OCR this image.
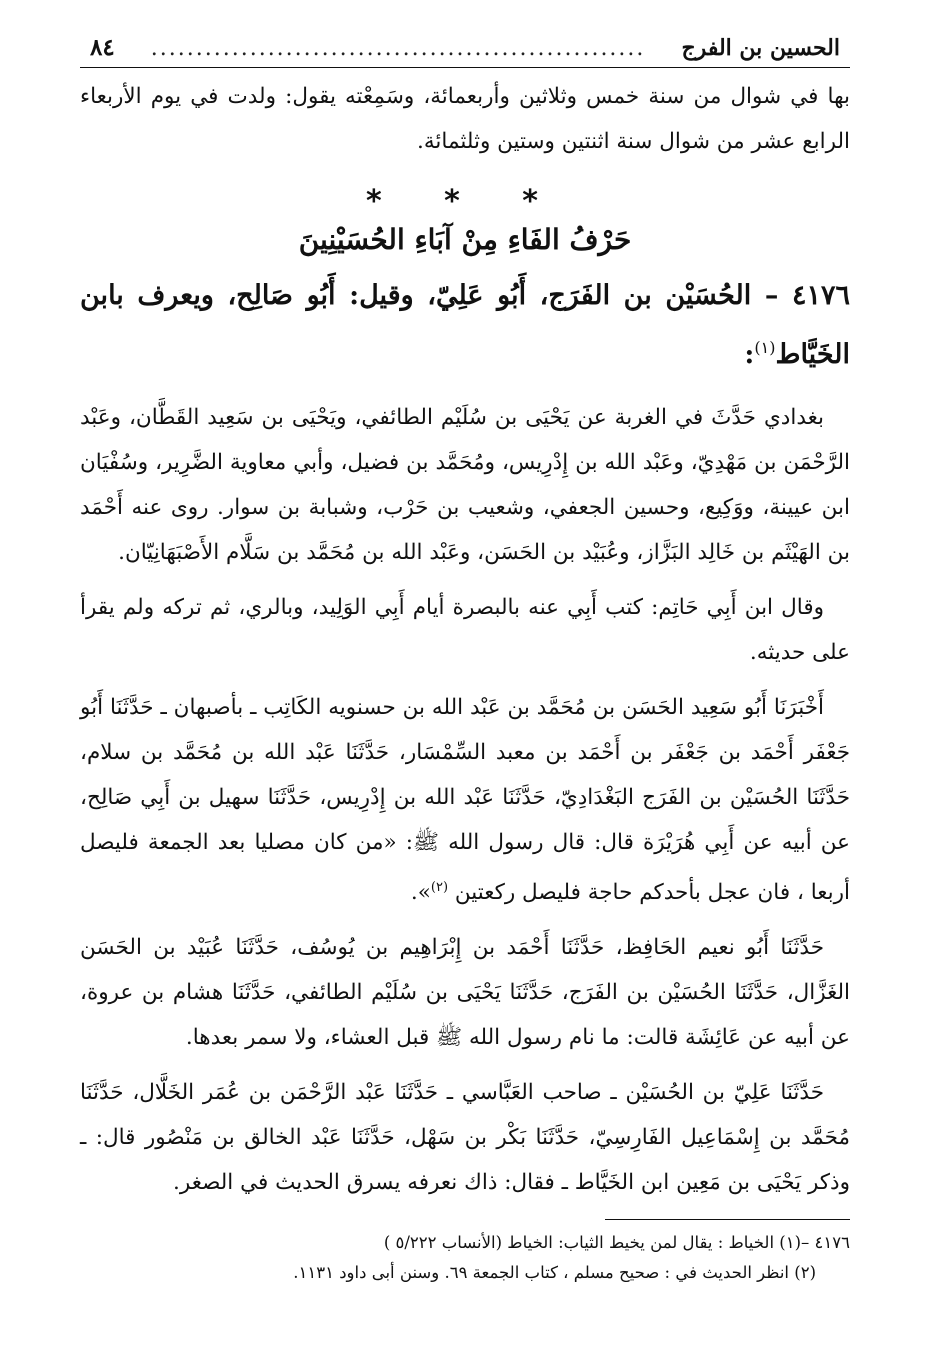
الحسين بن الفرج
.......................................................
٨٤

بها في شوال من سنة خمس وثلاثين وأربعمائة، وسَمِعْته يقول: ولدت في يوم الأربعاء الرابع عشر من شوال سنة اثنتين وستين وثلثمائة.

* * *
حَرْفُ الفَاءِ مِنْ آبَاءِ الحُسَيْنِينَ
٤١٧٦ – الحُسَيْن بن الفَرَج، أَبُو عَلِيّ، وقيل: أَبُو صَالِح، ويعرف بابن الخَيَّاط$^{(١)}$:

بغدادي حَدَّثَ في الغربة عن يَحْيَى بن سُلَيْم الطائفي، ويَحْيَى بن سَعِيد القَطَّان، وعَبْد الرَّحْمَن بن مَهْدِيّ، وعَبْد الله بن إِدْرِيس، ومُحَمَّد بن فضيل، وأبي معاوية الضَّرِير، وسُفْيَان ابن عيينة، ووَكِيع، وحسين الجعفي، وشعيب بن حَرْب، وشبابة بن سوار. روى عنه أَحْمَد بن الهَيْثَم بن خَالِد البَزَّاز، وعُبَيْد بن الحَسَن، وعَبْد الله بن مُحَمَّد بن سَلَّام الأَصْبَهَانِيّان.

وقال ابن أَبِي حَاتِم: كتب أَبِي عنه بالبصرة أيام أَبِي الوَلِيد، وبالري، ثم تركه ولم يقرأ على حديثه.

أَخْبَرَنَا أَبُو سَعِيد الحَسَن بن مُحَمَّد بن عَبْد الله بن حسنويه الكَاتِب ـ بأصبهان ـ حَدَّثَنَا أَبُو جَعْفَر أَحْمَد بن جَعْفَر بن أَحْمَد بن معبد السِّمْسَار، حَدَّثَنَا عَبْد الله بن مُحَمَّد بن سلام، حَدَّثَنَا الحُسَيْن بن الفَرَج البَغْدَادِيّ، حَدَّثَنَا عَبْد الله بن إِدْرِيس، حَدَّثَنَا سهيل بن أَبِي صَالِح، عن أبيه عن أَبِي هُرَيْرَة قال: قال رسول الله ﷺ: «من كان مصليا بعد الجمعة فليصل أربعا ، فان عجل بأحدكم حاجة فليصل ركعتين $^{(٢)}$».

حَدَّثَنَا أَبُو نعيم الحَافِظ، حَدَّثَنَا أَحْمَد بن إِبْرَاهِيم بن يُوسُف، حَدَّثَنَا عُبَيْد بن الحَسَن الغَزَّال، حَدَّثَنَا الحُسَيْن بن الفَرَج، حَدَّثَنَا يَحْيَى بن سُلَيْم الطائفي، حَدَّثَنَا هشام بن عروة، عن أبيه عن عَائِشَة قالت: ما نام رسول الله ﷺ قبل العشاء، ولا سمر بعدها.

حَدَّثَنَا عَلِيّ بن الحُسَيْن ـ صاحب العَبَّاسي ـ حَدَّثَنَا عَبْد الرَّحْمَن بن عُمَر الخَلَّال، حَدَّثَنَا مُحَمَّد بن إِسْمَاعِيل الفَارِسِيّ، حَدَّثَنَا بَكْر بن سَهْل، حَدَّثَنَا عَبْد الخالق بن مَنْصُور قال: ـ وذكر يَحْيَى بن مَعِين ابن الخَيَّاط ـ فقال: ذاك نعرفه يسرق الحديث في الصغر.

٤١٧٦ –(١) الخياط : يقال لمن يخيط الثياب: الخياط (الأنساب ٥/٢٢٢ )

(٢) انظر الحديث في : صحيح مسلم ، كتاب الجمعة ٦٩. وسنن أبى داود ١١٣١.
